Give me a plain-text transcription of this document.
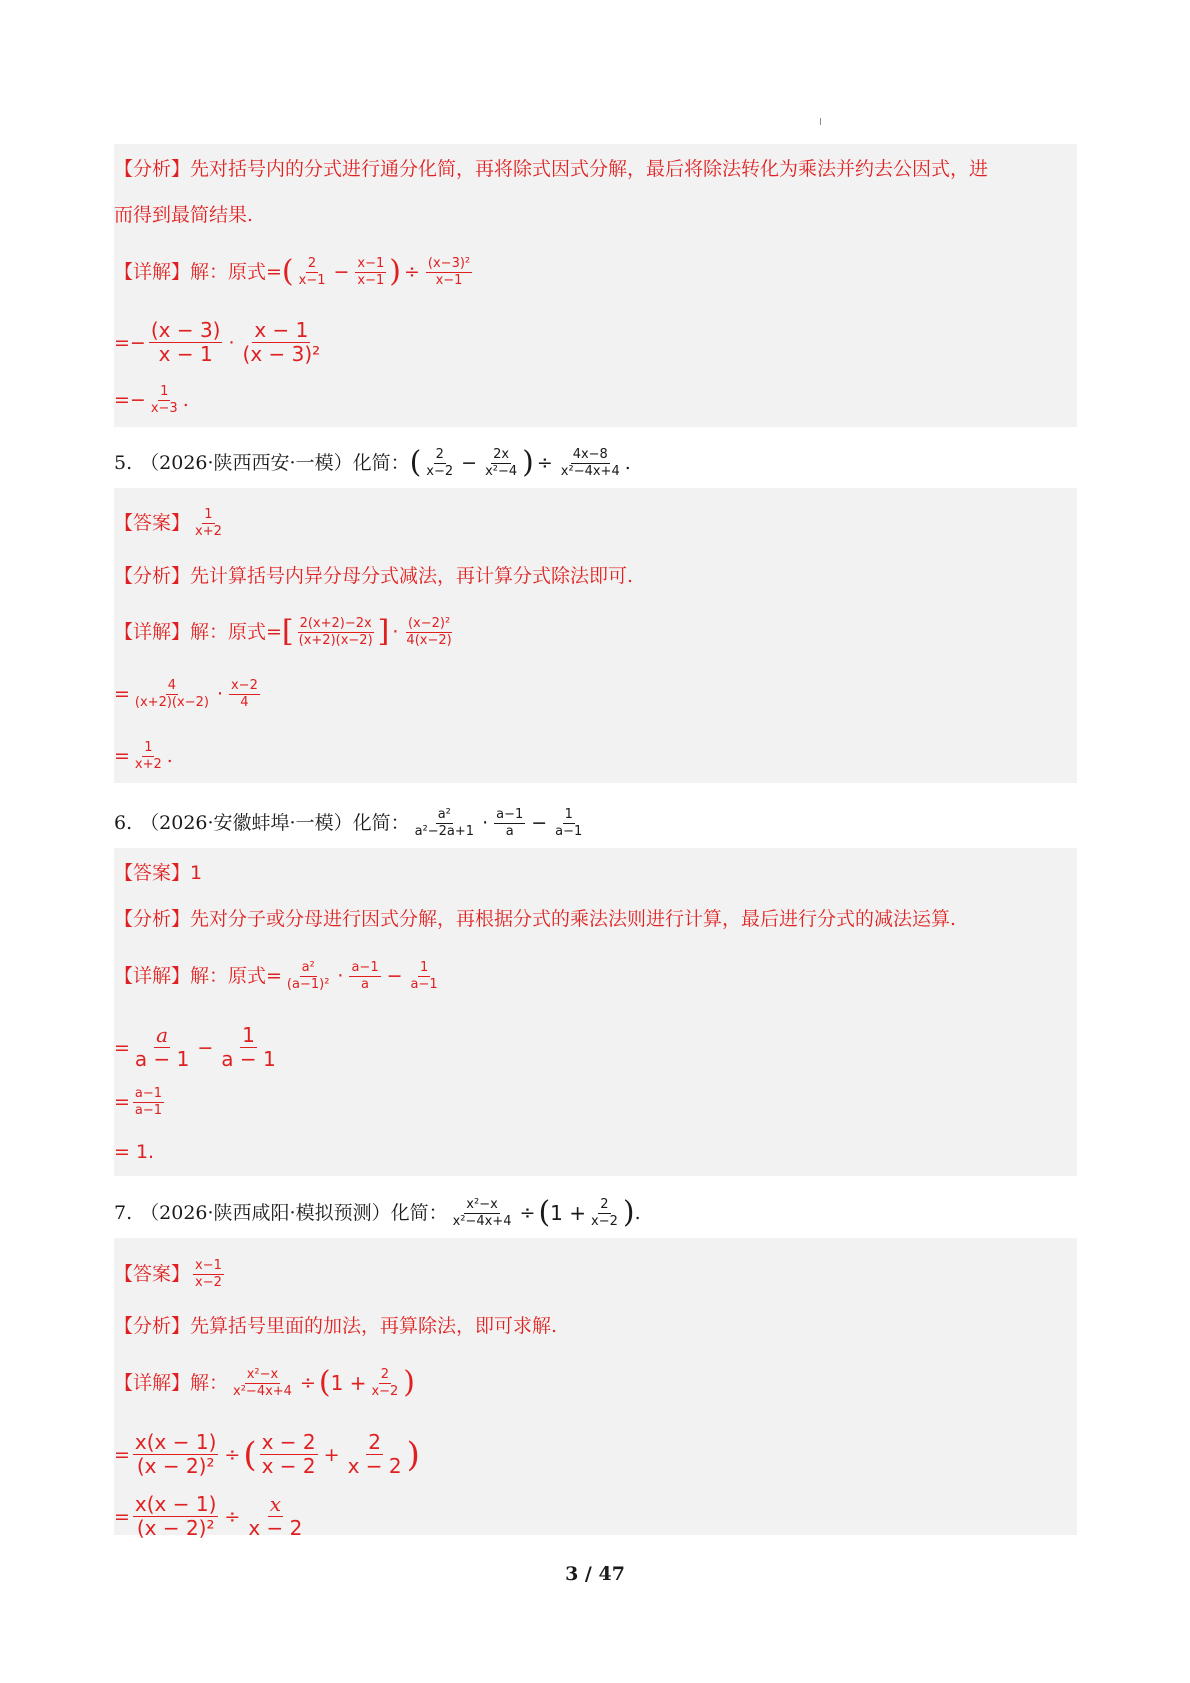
【分析】先对括号内的分式进行通分化简，再将除式因式分解，最后将除法转化为乘法并约去公因式，进
而得到最简结果.
【详解】解：原式= ( $\frac{2}{x-1} - \frac{x-1}{x-1}$ ) ÷ $\frac{\text{(x−3)²}}{x-1}$
=− $\frac{(x - 3)}{x - 1} \cdot \frac{x - 1}{\text{(x − 3)²}}$
=− $\frac{1}{x-3}$ .
5. （2026·陕西西安·一模）化简： ( $\frac{2}{x-2} - \frac{2x}{\text{x²−4}}$ ) ÷ $\frac{4x-8}{\text{x²−4x+4}}$ .
【答案】 $\frac{1}{x+2}$
【分析】先计算括号内异分母分式减法，再计算分式除法即可.
【详解】解：原式= [ $\frac{2(x+2)-2x}{(x+2)(x-2)}$ ] · $\frac{\text{(x−2)²}}{4(x-2)}$
= $\frac{4}{(x+2)(x-2)} \cdot \frac{x-2}{4}$
= $\frac{1}{x+2}$ .
6. （2026·安徽蚌埠·一模）化简： $\frac{\text{a²}}{\text{a²−2a+1}} \cdot \frac{a-1}{a} - \frac{1}{a-1}$
【答案】 1
【分析】先对分子或分母进行因式分解，再根据分式的乘法法则进行计算，最后进行分式的减法运算.
【详解】解：原式= $\frac{\text{a²}}{\text{(a−1)²}} \cdot \frac{a-1}{a} - \frac{1}{a-1}$
= $\frac{a}{a - 1} - \frac{1}{a - 1}$
= $\frac{a-1}{a-1}$
= 1.
7. （2026·陕西咸阳·模拟预测）化简： $\frac{\text{x²−x}}{\text{x²−4x+4}}$ ÷ ( $1 + \frac{2}{x-2}$ ) .
【答案】 $\frac{x-1}{x-2}$
【分析】先算括号里面的加法，再算除法，即可求解.
【详解】解： $\frac{\text{x²−x}}{\text{x²−4x+4}}$ ÷ ( $1 + \frac{2}{x-2}$ )
= $\frac{x(x - 1)}{\text{(x − 2)²}}$ ÷ ( $\frac{x - 2}{x - 2} + \frac{2}{x - 2}$ )
= $\frac{x(x - 1)}{\text{(x − 2)²}} \div \frac{x}{x - 2}$
3 / 47
